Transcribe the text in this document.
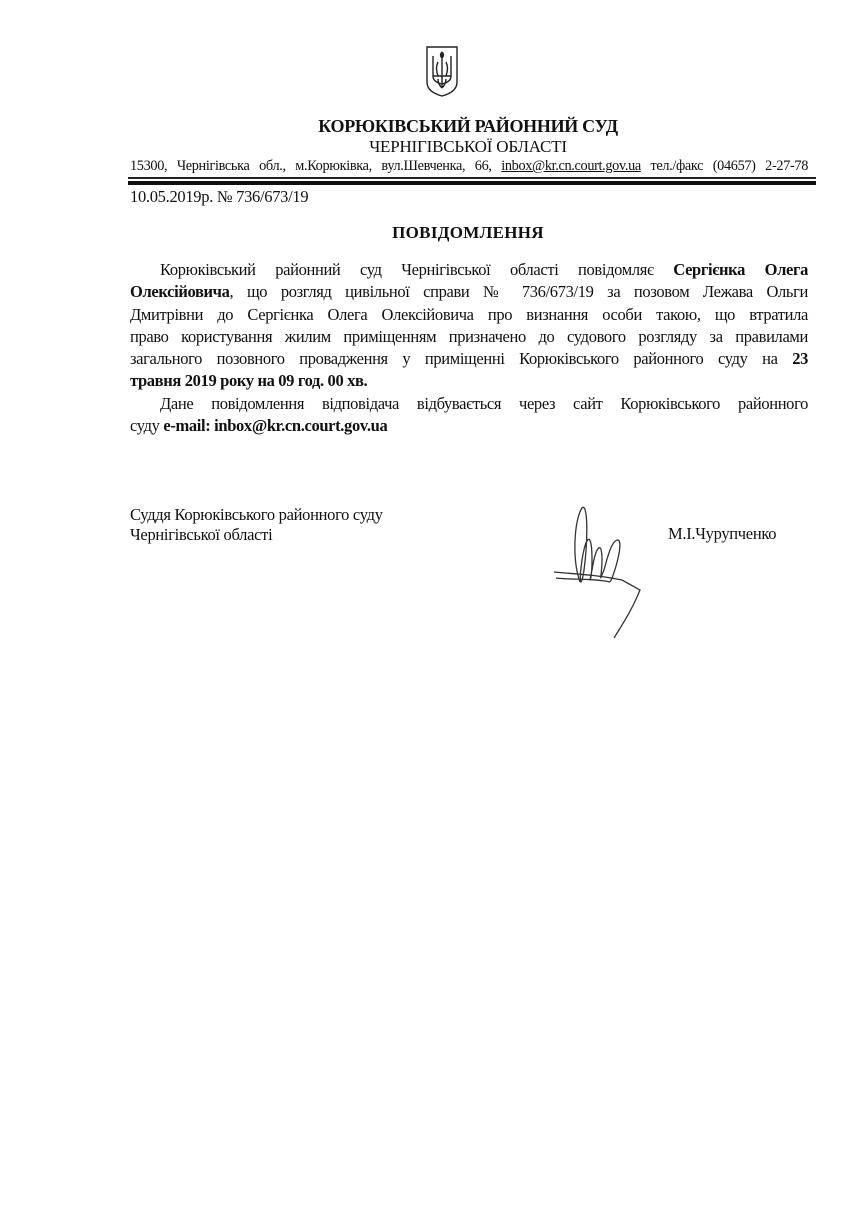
КОРЮКІВСЬКИЙ РАЙОННИЙ СУД
ЧЕРНІГІВСЬКОЇ ОБЛАСТІ
15300, Чернігівська обл., м.Корюківка, вул.Шевченка, 66, inbox@kr.cn.court.gov.ua тел./факс (04657) 2-27-78
10.05.2019р. № 736/673/19
ПОВІДОМЛЕННЯ
Корюківський районний суд Чернігівської області повідомляє Сергієнка Олега
Олексійовича, що розгляд цивільної справи № 736/673/19 за позовом Лежава Ольги
Дмитрівни до Сергієнка Олега Олексійовича про визнання особи такою, що втратила
право користування жилим приміщенням призначено до судового розгляду за правилами
загального позовного провадження у приміщенні Корюківського районного суду на 23
травня 2019 року на 09 год. 00 хв.
Дане повідомлення відповідача відбувається через сайт Корюківського районного
суду e-mail: inbox@kr.cn.court.gov.ua
Суддя Корюківського районного суду
Чернігівської області	М.І.Чурупченко
